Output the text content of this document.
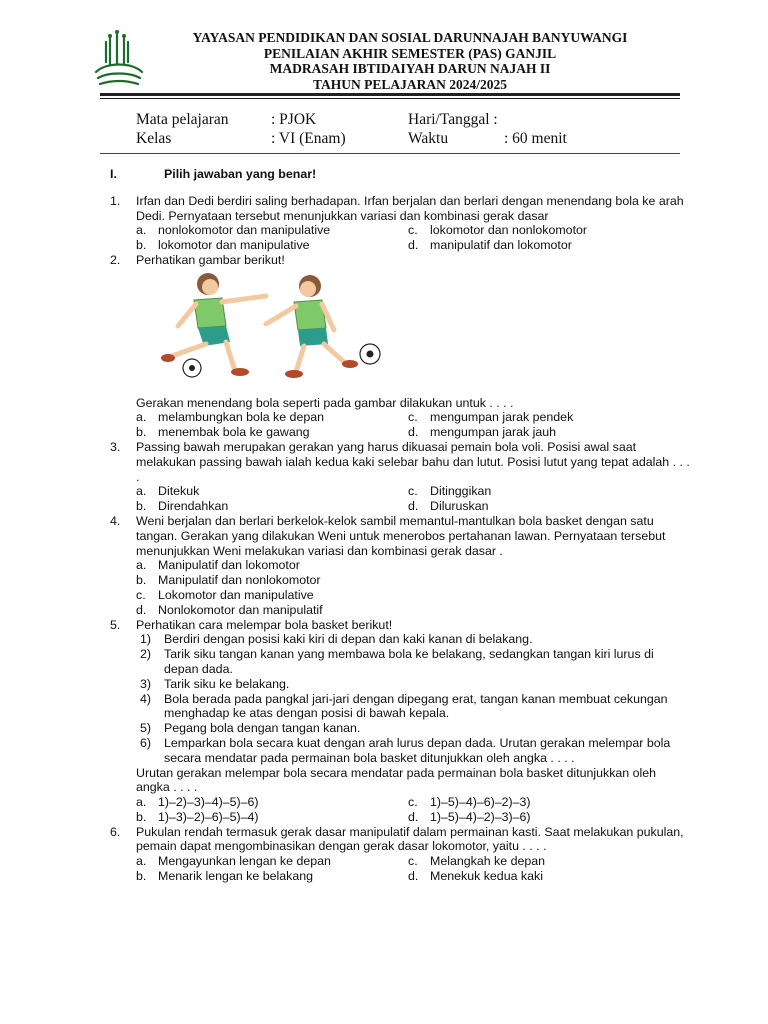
YAYASAN PENDIDIKAN DAN SOSIAL DARUNNAJAH BANYUWANGI
PENILAIAN AKHIR SEMESTER (PAS) GANJIL
MADRASAH IBTIDAIYAH DARUN NAJAH II
TAHUN PELAJARAN 2024/2025
Mata pelajaran	: PJOK	Hari/Tanggal :
Kelas	: VI (Enam)	Waktu	: 60 menit
I.	Pilih jawaban yang benar!
1.	Irfan dan Dedi berdiri saling berhadapan. Irfan berjalan dan berlari dengan menendang bola ke arah Dedi. Pernyataan tersebut menunjukkan variasi dan kombinasi gerak dasar
a. nonlokomotor dan manipulative	c. lokomotor dan nonlokomotor
b. lokomotor dan manipulative	d. manipulatif dan lokomotor
2.	Perhatikan gambar berikut!
Gerakan menendang bola seperti pada gambar dilakukan untuk . . . .
a. melambungkan bola ke depan	c. mengumpan jarak pendek
b. menembak bola ke gawang	d. mengumpan jarak jauh
3.	Passing bawah merupakan gerakan yang harus dikuasai pemain bola voli. Posisi awal saat melakukan passing bawah ialah kedua kaki selebar bahu dan lutut. Posisi lutut yang tepat adalah . . . .
a. Ditekuk	c. Ditinggikan
b. Direndahkan	d. Diluruskan
4.	Weni berjalan dan berlari berkelok-kelok sambil memantul-mantulkan bola basket dengan satu tangan. Gerakan yang dilakukan Weni untuk menerobos pertahanan lawan. Pernyataan tersebut menunjukkan Weni melakukan variasi dan kombinasi gerak dasar .
a. Manipulatif dan lokomotor
b. Manipulatif dan nonlokomotor
c. Lokomotor dan manipulative
d. Nonlokomotor dan manipulatif
5.	Perhatikan cara melempar bola basket berikut!
1)	Berdiri dengan posisi kaki kiri di depan dan kaki kanan di belakang.
2)	Tarik siku tangan kanan yang membawa bola ke belakang, sedangkan tangan kiri lurus di depan dada.
3)	Tarik siku ke belakang.
4)	Bola berada pada pangkal jari-jari dengan dipegang erat, tangan kanan membuat cekungan menghadap ke atas dengan posisi di bawah kepala.
5)	Pegang bola dengan tangan kanan.
6)	Lemparkan bola secara kuat dengan arah lurus depan dada. Urutan gerakan melempar bola secara mendatar pada permainan bola basket ditunjukkan oleh angka . . . .
Urutan gerakan melempar bola secara mendatar pada permainan bola basket ditunjukkan oleh angka . . . .
a. 1)–2)–3)–4)–5)–6)	c. 1)–5)–4)–6)–2)–3)
b. 1)–3)–2)–6)–5)–4)	d. 1)–5)–4)–2)–3)–6)
6.	Pukulan rendah termasuk gerak dasar manipulatif dalam permainan kasti. Saat melakukan pukulan, pemain dapat mengombinasikan dengan gerak dasar lokomotor, yaitu . . . .
a. Mengayunkan lengan ke depan	c. Melangkah ke depan
b. Menarik lengan ke belakang	d. Menekuk kedua kaki
